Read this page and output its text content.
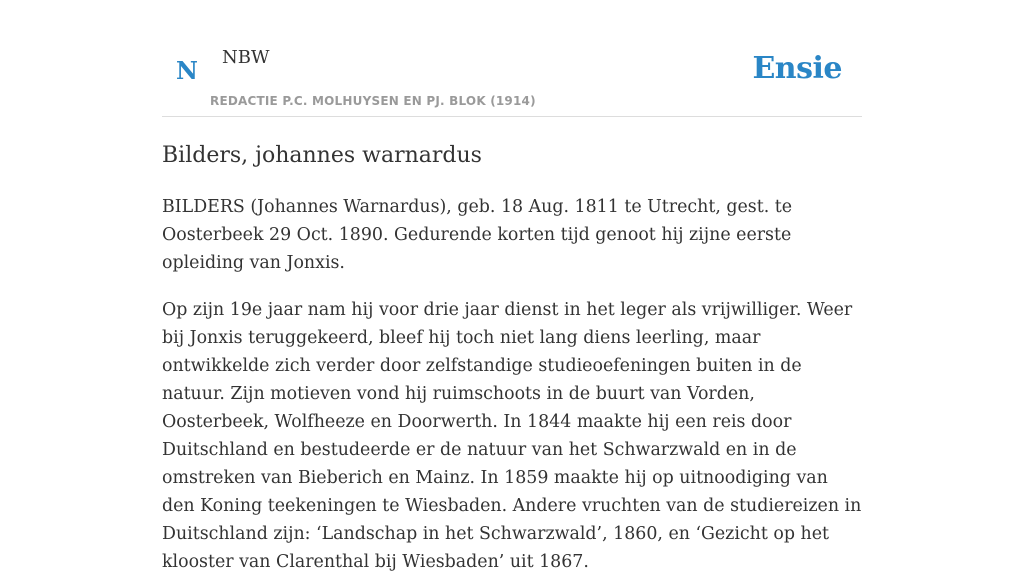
N NBW
REDACTIE P.C. MOLHUYSEN EN PJ. BLOK (1914)
Ensie
Bilders, johannes warnardus

BILDERS (Johannes Warnardus), geb. 18 Aug. 1811 te Utrecht, gest. te Oosterbeek 29 Oct. 1890. Gedurende korten tijd genoot hij zijne eerste opleiding van Jonxis.

Op zijn 19e jaar nam hij voor drie jaar dienst in het leger als vrijwilliger. Weer bij Jonxis teruggekeerd, bleef hij toch niet lang diens leerling, maar ontwikkelde zich verder door zelfstandige studieoefeningen buiten in de natuur. Zijn motieven vond hij ruimschoots in de buurt van Vorden, Oosterbeek, Wolfheeze en Doorwerth. In 1844 maakte hij een reis door Duitschland en bestudeerde er de natuur van het Schwarzwald en in de omstreken van Bieberich en Mainz. In 1859 maakte hij op uitnoodiging van den Koning teekeningen te Wiesbaden. Andere vruchten van de studiereizen in Duitschland zijn: ‘Landschap in het Schwarzwald’, 1860, en ‘Gezicht op het klooster van Clarenthal bij Wiesbaden’ uit 1867.
